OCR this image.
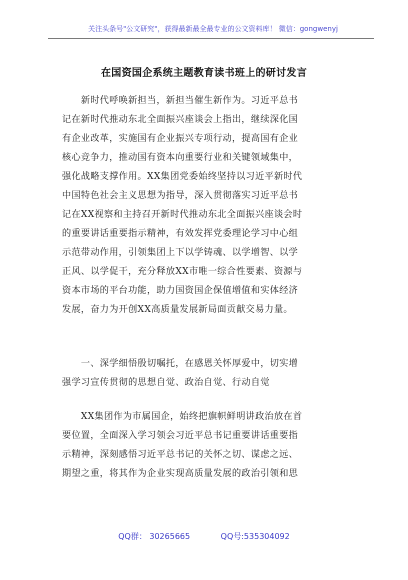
关注头条号"公文研究"，获得最新最全最专业的公文资料库！ 微信：gongwenyj
在国资国企系统主题教育读书班上的研讨发言
　　新时代呼唤新担当，新担当催生新作为。习近平总书
记在新时代推动东北全面振兴座谈会上指出，继续深化国
有企业改革，实施国有企业振兴专项行动，提高国有企业
核心竞争力，推动国有资本向重要行业和关键领域集中，
强化战略支撑作用。XX集团党委始终坚持以习近平新时代
中国特色社会主义思想为指导，深入贯彻落实习近平总书
记在XX视察和主持召开新时代推动东北全面振兴座谈会时
的重要讲话重要指示精神，有效发挥党委理论学习中心组
示范带动作用，引领集团上下以学铸魂、以学增智、以学
正风、以学促干，充分释放XX市唯一综合性要素、资源与
资本市场的平台功能，助力国资国企保值增值和实体经济
发展，奋力为开创XX高质量发展新局面贡献交易力量。
　　一、深学细悟殷切嘱托，在感恩关怀厚爱中，切实增
强学习宣传贯彻的思想自觉、政治自觉、行动自觉
　　XX集团作为市属国企，始终把旗帜鲜明讲政治放在首
要位置，全面深入学习领会习近平总书记重要讲话重要指
示精神，深刻感悟习近平总书记的关怀之切、谋虑之远、
期望之重，将其作为企业实现高质量发展的政治引领和思
QQ群： 30265665	QQ号:535304092
